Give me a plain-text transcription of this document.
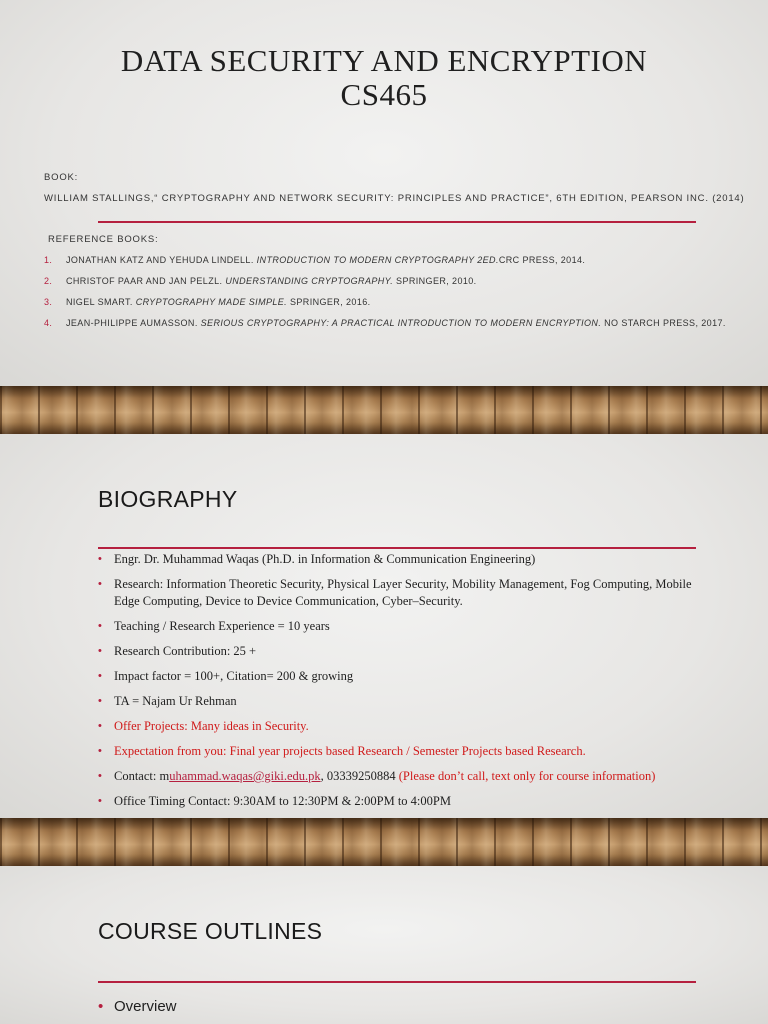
DATA SECURITY AND ENCRYPTION
CS465
BOOK:
WILLIAM STALLINGS,“ CRYPTOGRAPHY AND NETWORK SECURITY: PRINCIPLES AND PRACTICE”, 6TH EDITION, PEARSON INC. (2014)
REFERENCE BOOKS:
1. JONATHAN KATZ AND YEHUDA LINDELL. INTRODUCTION TO MODERN CRYPTOGRAPHY 2ED.CRC PRESS, 2014.
2. CHRISTOF PAAR AND JAN PELZL. UNDERSTANDING CRYPTOGRAPHY. SPRINGER, 2010.
3. NIGEL SMART. CRYPTOGRAPHY MADE SIMPLE. SPRINGER, 2016.
4. JEAN-PHILIPPE AUMASSON. SERIOUS CRYPTOGRAPHY: A PRACTICAL INTRODUCTION TO MODERN ENCRYPTION. NO STARCH PRESS, 2017.
BIOGRAPHY
• Engr. Dr. Muhammad Waqas (Ph.D. in Information & Communication Engineering)
• Research: Information Theoretic Security, Physical Layer Security, Mobility Management, Fog Computing, Mobile Edge Computing, Device to Device Communication, Cyber–Security.
• Teaching / Research Experience = 10 years
• Research Contribution: 25 +
• Impact factor = 100+, Citation= 200 & growing
• TA = Najam Ur Rehman
• Offer Projects: Many ideas in Security.
• Expectation from you: Final year projects based Research / Semester Projects based Research.
• Contact: muhammad.waqas@giki.edu.pk, 03339250884 (Please don’t call, text only for course information)
• Office Timing Contact: 9:30AM to 12:30PM & 2:00PM to 4:00PM
COURSE OUTLINES
• Overview
